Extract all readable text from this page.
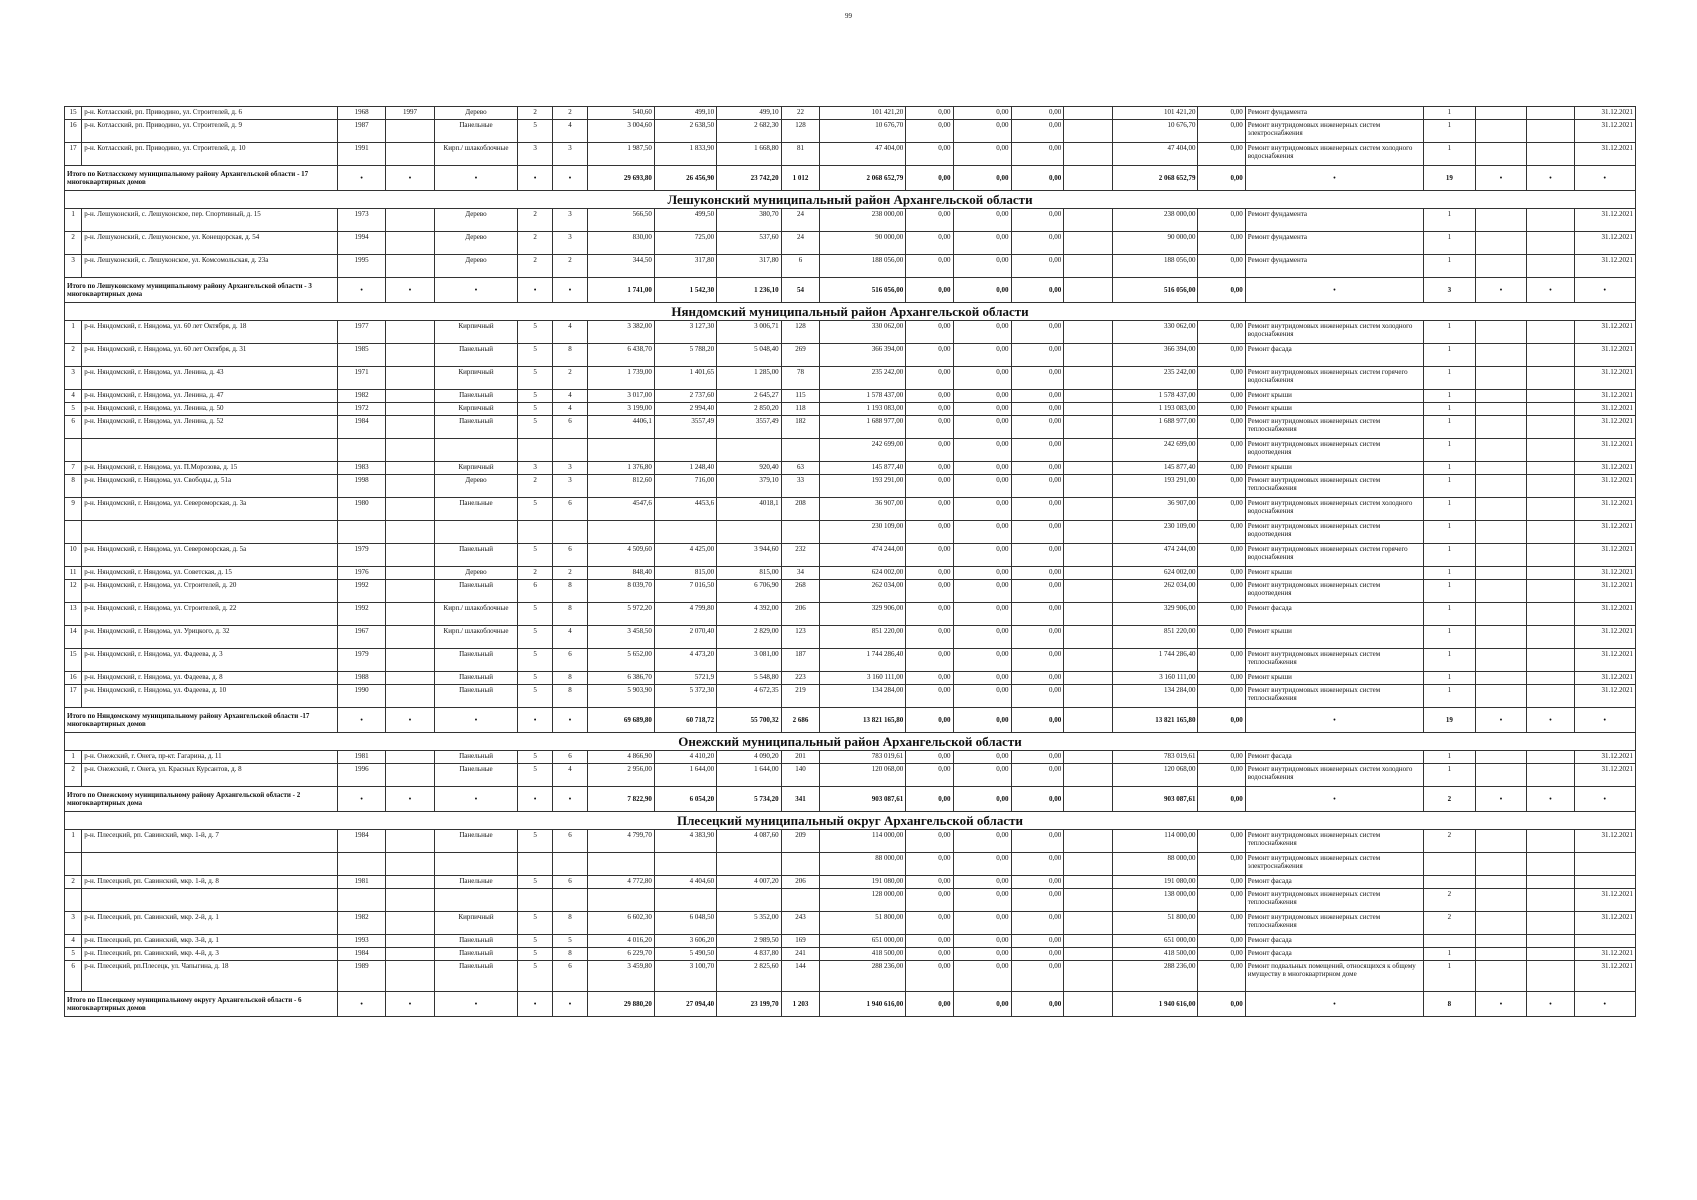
99
15	р-н. Котласский, рп. Приводино, ул. Строителей, д. 6	1968	1997	Дерево	2	2	540,60	499,10	499,10	22	101 421,20	0,00	0,00	0,00		101 421,20	0,00	Ремонт фундамента	1			31.12.2021
16	р-н. Котласский, рп. Приводино, ул. Строителей, д. 9	1987		Панельные	5	4	3 004,60	2 638,50	2 682,30	128	10 676,70	0,00	0,00	0,00		10 676,70	0,00	Ремонт внутридомовых инженерных систем электроснабжения	1			31.12.2021
17	р-н. Котласский, рп. Приводино, ул. Строителей, д. 10	1991		Кирп./ шлакоблочные	3	3	1 987,50	1 833,90	1 668,80	81	47 404,00	0,00	0,00	0,00		47 404,00	0,00	Ремонт внутридомовых инженерных систем холодного водоснабжения	1			31.12.2021
Итого по Котласскому муниципальному району Архангельской области - 17 многоквартирных домов		•	•	•	•	•	29 693,80	26 456,90	23 742,20	1 012	2 068 652,79	0,00	0,00	0,00		2 068 652,79	0,00	•	19	•	•	•
Лешуконский муниципальный район Архангельской области																						
1	р-н. Лешуконский, с. Лешуконское, пер. Спортивный, д. 15	1973		Дерево	2	3	566,50	499,50	380,70	24	238 000,00	0,00	0,00	0,00		238 000,00	0,00	Ремонт фундамента	1			31.12.2021
2	р-н. Лешуконский, с. Лешуконское, ул. Конещорская, д. 54	1994		Дерево	2	3	830,00	725,00	537,60	24	90 000,00	0,00	0,00	0,00		90 000,00	0,00	Ремонт фундамента	1			31.12.2021
3	р-н. Лешуконский, с. Лешуконское, ул. Комсомольская, д. 23а	1995		Дерево	2	2	344,50	317,80	317,80	6	188 056,00	0,00	0,00	0,00		188 056,00	0,00	Ремонт фундамента	1			31.12.2021
Итого по Лешуконскому муниципальному району Архангельской области - 3 многоквартирных дома		•	•	•	•	•	1 741,00	1 542,30	1 236,10	54	516 056,00	0,00	0,00	0,00		516 056,00	0,00	•	3	•	•	•
Няндомский муниципальный район Архангельской области																						
1	р-н. Няндомский, г. Няндома, ул. 60 лет Октября, д. 18	1977		Кирпичный	5	4	3 382,00	3 127,30	3 006,71	128	330 062,00	0,00	0,00	0,00		330 062,00	0,00	Ремонт внутридомовых инженерных систем холодного водоснабжения	1			31.12.2021
2	р-н. Няндомский, г. Няндома, ул. 60 лет Октября, д. 31	1985		Панельный	5	8	6 438,70	5 788,20	5 048,40	269	366 394,00	0,00	0,00	0,00		366 394,00	0,00	Ремонт фасада	1			31.12.2021
3	р-н. Няндомский, г. Няндома, ул. Ленина, д. 43	1971		Кирпичный	5	2	1 739,00	1 401,65	1 285,00	78	235 242,00	0,00	0,00	0,00		235 242,00	0,00	Ремонт внутридомовых инженерных систем горячего водоснабжения	1			31.12.2021
4	р-н. Няндомский, г. Няндома, ул. Ленина, д. 47	1982		Панельный	5	4	3 017,00	2 737,60	2 645,27	115	1 578 437,00	0,00	0,00	0,00		1 578 437,00	0,00	Ремонт крыши	1			31.12.2021
5	р-н. Няндомский, г. Няндома, ул. Ленина, д. 50	1972		Кирпичный	5	4	3 199,00	2 994,40	2 850,20	118	1 193 083,00	0,00	0,00	0,00		1 193 083,00	0,00	Ремонт крыши	1			31.12.2021
6	р-н. Няндомский, г. Няндома, ул. Ленина, д. 52	1984		Панельный	5	6	4406,1	3557,49	3557,49	182	1 688 977,00	0,00	0,00	0,00		1 688 977,00	0,00	Ремонт внутридомовых инженерных систем теплоснабжения	1			31.12.2021
											242 699,00	0,00	0,00	0,00		242 699,00	0,00	Ремонт внутридомовых инженерных систем водоотведения	1			31.12.2021
7	р-н. Няндомский, г. Няндома, ул. П.Морозова, д. 15	1983		Кирпичный	3	3	1 376,80	1 248,40	920,40	63	145 877,40	0,00	0,00	0,00		145 877,40	0,00	Ремонт крыши	1			31.12.2021
8	р-н. Няндомский, г. Няндома, ул. Свободы, д. 51а	1998		Дерево	2	3	812,60	716,00	379,10	33	193 291,00	0,00	0,00	0,00		193 291,00	0,00	Ремонт внутридомовых инженерных систем теплоснабжения	1			31.12.2021
9	р-н. Няндомский, г. Няндома, ул. Североморская, д. 3а	1980		Панельные	5	6	4547,6	4453,6	4018,1	208	36 907,00	0,00	0,00	0,00		36 907,00	0,00	Ремонт внутридомовых инженерных систем холодного водоснабжения	1			31.12.2021
											230 109,00	0,00	0,00	0,00		230 109,00	0,00	Ремонт внутридомовых инженерных систем водоотведения	1			31.12.2021
10	р-н. Няндомский, г. Няндома, ул. Североморская, д. 5а	1979		Панельный	5	6	4 509,60	4 425,00	3 944,60	232	474 244,00	0,00	0,00	0,00		474 244,00	0,00	Ремонт внутридомовых инженерных систем горячего водоснабжения	1			31.12.2021
11	р-н. Няндомский, г. Няндома, ул. Советская, д. 15	1976		Дерево	2	2	848,40	815,00	815,00	34	624 002,00	0,00	0,00	0,00		624 002,00	0,00	Ремонт крыши	1			31.12.2021
12	р-н. Няндомский, г. Няндома, ул. Строителей, д. 20	1992		Панельный	6	8	8 039,70	7 016,50	6 706,90	268	262 034,00	0,00	0,00	0,00		262 034,00	0,00	Ремонт внутридомовых инженерных систем водоотведения	1			31.12.2021
13	р-н. Няндомский, г. Няндома, ул. Строителей, д. 22	1992		Кирп./ шлакоблочные	5	8	5 972,20	4 799,80	4 392,00	206	329 906,00	0,00	0,00	0,00		329 906,00	0,00	Ремонт фасада	1			31.12.2021
14	р-н. Няндомский, г. Няндома, ул. Урицкого, д. 32	1967		Кирп./ шлакоблочные	5	4	3 458,50	2 070,40	2 829,00	123	851 220,00	0,00	0,00	0,00		851 220,00	0,00	Ремонт крыши	1			31.12.2021
15	р-н. Няндомский, г. Няндома, ул. Фадеева, д. 3	1979		Панельный	5	6	5 652,00	4 473,20	3 081,00	187	1 744 286,40	0,00	0,00	0,00		1 744 286,40	0,00	Ремонт внутридомовых инженерных систем теплоснабжения	1			31.12.2021
16	р-н. Няндомский, г. Няндома, ул. Фадеева, д. 8	1988		Панельный	5	8	6 386,70	5721,9	5 548,80	223	3 160 111,00	0,00	0,00	0,00		3 160 111,00	0,00	Ремонт крыши	1			31.12.2021
17	р-н. Няндомский, г. Няндома, ул. Фадеева, д. 10	1990		Панельный	5	8	5 903,90	5 372,30	4 672,35	219	134 284,00	0,00	0,00	0,00		134 284,00	0,00	Ремонт внутридомовых инженерных систем теплоснабжения	1			31.12.2021
Итого по Няндомскому муниципальному району Архангельской области -17 многоквартирных домов		•	•	•	•	•	69 689,80	60 718,72	55 700,32	2 686	13 821 165,80	0,00	0,00	0,00		13 821 165,80	0,00	•	19	•	•	•
Онежский муниципальный район Архангельской области																						
1	р-н. Онежский, г. Онега, пр-кт. Гагарина, д. 11	1981		Панельный	5	6	4 866,90	4 410,20	4 090,20	201	783 019,61	0,00	0,00	0,00		783 019,61	0,00	Ремонт фасада	1			31.12.2021
2	р-н. Онежский, г. Онега, ул. Красных Курсантов, д. 8	1996		Панельные	5	4	2 956,00	1 644,00	1 644,00	140	120 068,00	0,00	0,00	0,00		120 068,00	0,00	Ремонт внутридомовых инженерных систем холодного водоснабжения	1			31.12.2021
Итого по Онежскому муниципальному району Архангельской области - 2 многоквартирных дома		•	•	•	•	•	7 822,90	6 054,20	5 734,20	341	903 087,61	0,00	0,00	0,00		903 087,61	0,00	•	2	•	•	•
Плесецкий муниципальный округ Архангельской области																						
1	р-н. Плесецкий, рп. Савинский, мкр. 1-й, д. 7	1984		Панельные	5	6	4 799,70	4 383,90	4 087,60	209	114 000,00	0,00	0,00	0,00		114 000,00	0,00	Ремонт внутридомовых инженерных систем теплоснабжения	2			31.12.2021
											88 000,00	0,00	0,00	0,00		88 000,00	0,00	Ремонт внутридомовых инженерных систем электроснабжения				
2	р-н. Плесецкий, рп. Савинский, мкр. 1-й, д. 8	1981		Панельные	5	6	4 772,80	4 404,60	4 007,20	206	191 080,00	0,00	0,00	0,00		191 080,00	0,00	Ремонт фасада				
											128 000,00	0,00	0,00	0,00		138 000,00	0,00	Ремонт внутридомовых инженерных систем теплоснабжения	2			31.12.2021
3	р-н. Плесецкий, рп. Савинский, мкр. 2-й, д. 1	1982		Кирпичный	5	8	6 602,30	6 048,50	5 352,00	243	51 800,00	0,00	0,00	0,00		51 800,00	0,00	Ремонт внутридомовых инженерных систем теплоснабжения	2			31.12.2021
4	р-н. Плесецкий, рп. Савинский, мкр. 3-й, д. 1	1993		Панельный	5	5	4 016,20	3 606,20	2 989,50	169	651 000,00	0,00	0,00	0,00		651 000,00	0,00	Ремонт фасада				
5	р-н. Плесецкий, рп. Савинский, мкр. 4-й, д. 3	1984		Панельный	5	8	6 229,70	5 490,50	4 837,80	241	418 500,00	0,00	0,00	0,00		418 500,00	0,00	Ремонт фасада	1			31.12.2021
6	р-н. Плесецкий, рп.Плесецк, ул. Чапыгина, д. 18	1989		Панельный	5	6	3 459,80	3 100,70	2 825,60	144	288 236,00	0,00	0,00	0,00		288 236,00	0,00	Ремонт подвальных помещений, относящихся к общему имуществу в многоквартирном доме	1			31.12.2021
Итого по Плесецкому муниципальному округу Архангельской области - 6 многоквартирных домов		•	•	•	•	•	29 880,20	27 094,40	23 199,70	1 203	1 940 616,00	0,00	0,00	0,00		1 940 616,00	0,00	•	8	•	•	•
